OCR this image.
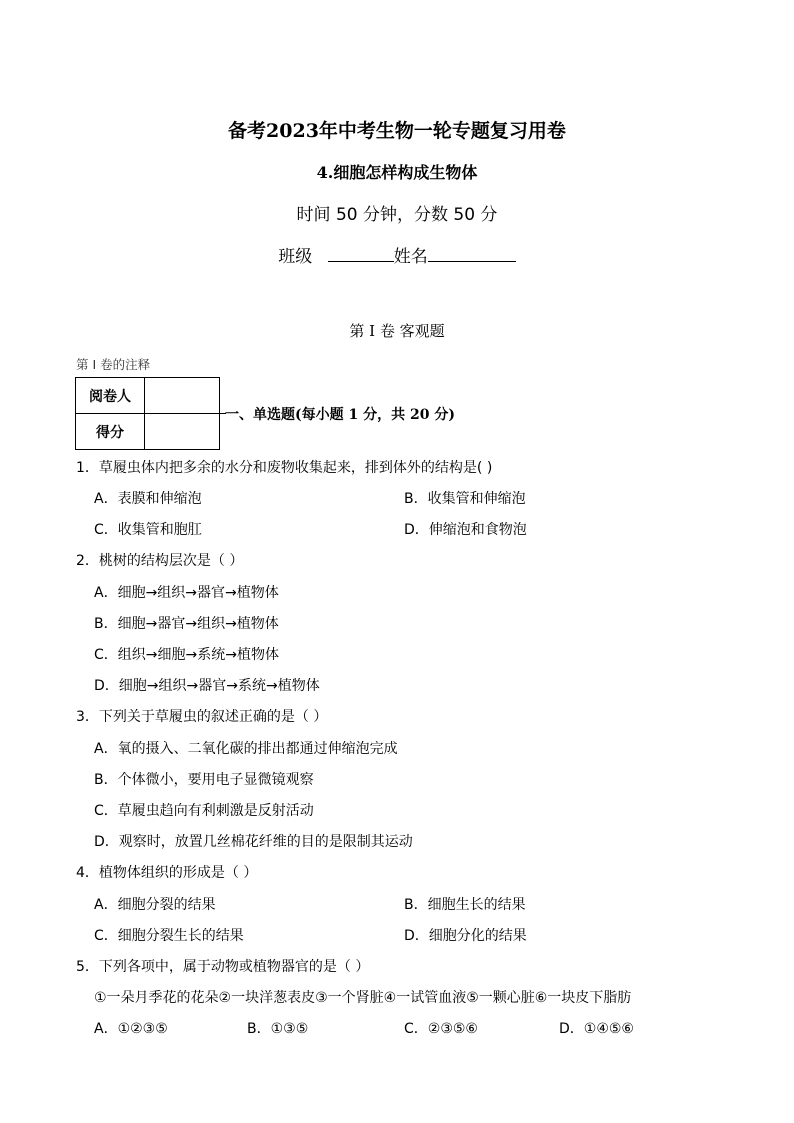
备考2023年中考生物一轮专题复习用卷
4.细胞怎样构成生物体
时间 50 分钟，分数 50 分
班级	姓名
第 I 卷 客观题
第 I 卷的注释
阅卷人	
得分	
一、单选题(每小题 1 分，共 20 分)
1．草履虫体内把多余的水分和废物收集起来，排到体外的结构是( )
A．表膜和伸缩泡	B．收集管和伸缩泡
C．收集管和胞肛	D．伸缩泡和食物泡
2．桃树的结构层次是（ ）
A．细胞→组织→器官→植物体
B．细胞→器官→组织→植物体
C．组织→细胞→系统→植物体
D．细胞→组织→器官→系统→植物体
3．下列关于草履虫的叙述正确的是（ ）
A．氧的摄入、二氧化碳的排出都通过伸缩泡完成
B．个体微小，要用电子显微镜观察
C．草履虫趋向有利刺激是反射活动
D．观察时，放置几丝棉花纤维的目的是限制其运动
4．植物体组织的形成是（ ）
A．细胞分裂的结果	B．细胞生长的结果
C．细胞分裂生长的结果	D．细胞分化的结果
5．下列各项中，属于动物或植物器官的是（ ）
①一朵月季花的花朵②一块洋葱表皮③一个肾脏④一试管血液⑤一颗心脏⑥一块皮下脂肪
A．①②③⑤	B．①③⑤	C．②③⑤⑥	D．①④⑤⑥
